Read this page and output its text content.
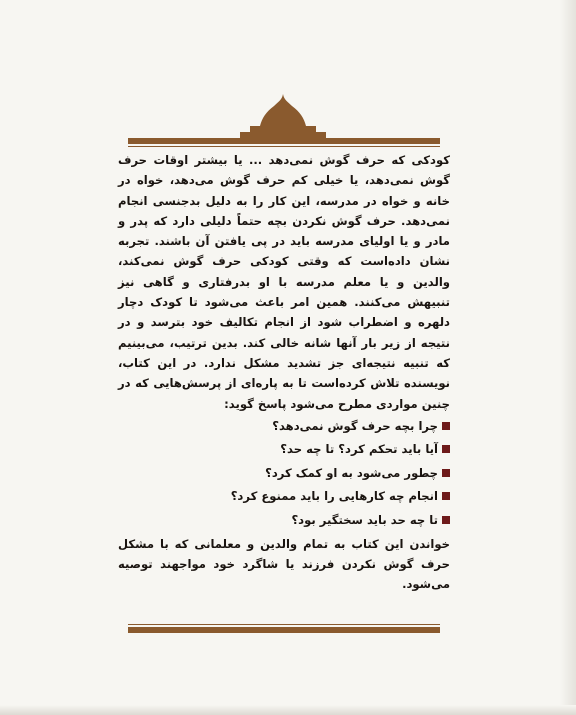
کودکی که حرف گوش نمی‌دهد ... یا بیشتر اوقات حرف گوش نمی‌دهد، یا خیلی کم حرف گوش می‌دهد، خواه در خانه و خواه در مدرسه، این کار را به دلیل بدجنسی انجام نمی‌دهد. حرف گوش نکردن بچه حتماً دلیلی دارد که پدر و مادر و یا اولیای مدرسه باید در پی یافتن آن باشند. تجربه نشان داده‌است که وقتی کودکی حرف گوش نمی‌کند، والدین و یا معلم مدرسه با او بدرفتاری و گاهی نیز تنبیهش می‌کنند. همین امر باعث می‌شود تا کودک دچار دلهره و اضطراب شود از انجام تکالیف خود بترسد و در نتیجه از زیر بار آنها شانه خالی کند. بدین ترتیب، می‌بینیم که تنبیه نتیجه‌ای جز تشدید مشکل ندارد. در این کتاب، نویسنده تلاش کرده‌است تا به پاره‌ای از پرسش‌هایی که در چنین مواردی مطرح می‌شود پاسخ گوید:

چرا بچه حرف گوش نمی‌دهد؟
آیا باید تحکم کرد؟ تا چه حد؟
چطور می‌شود به او کمک کرد؟
انجام چه کارهایی را باید ممنوع کرد؟
تا چه حد باید سختگیر بود؟

خواندن این کتاب به تمام والدین و معلمانی که با مشکل حرف گوش نکردن فرزند یا شاگرد خود مواجهند توصیه می‌شود.
